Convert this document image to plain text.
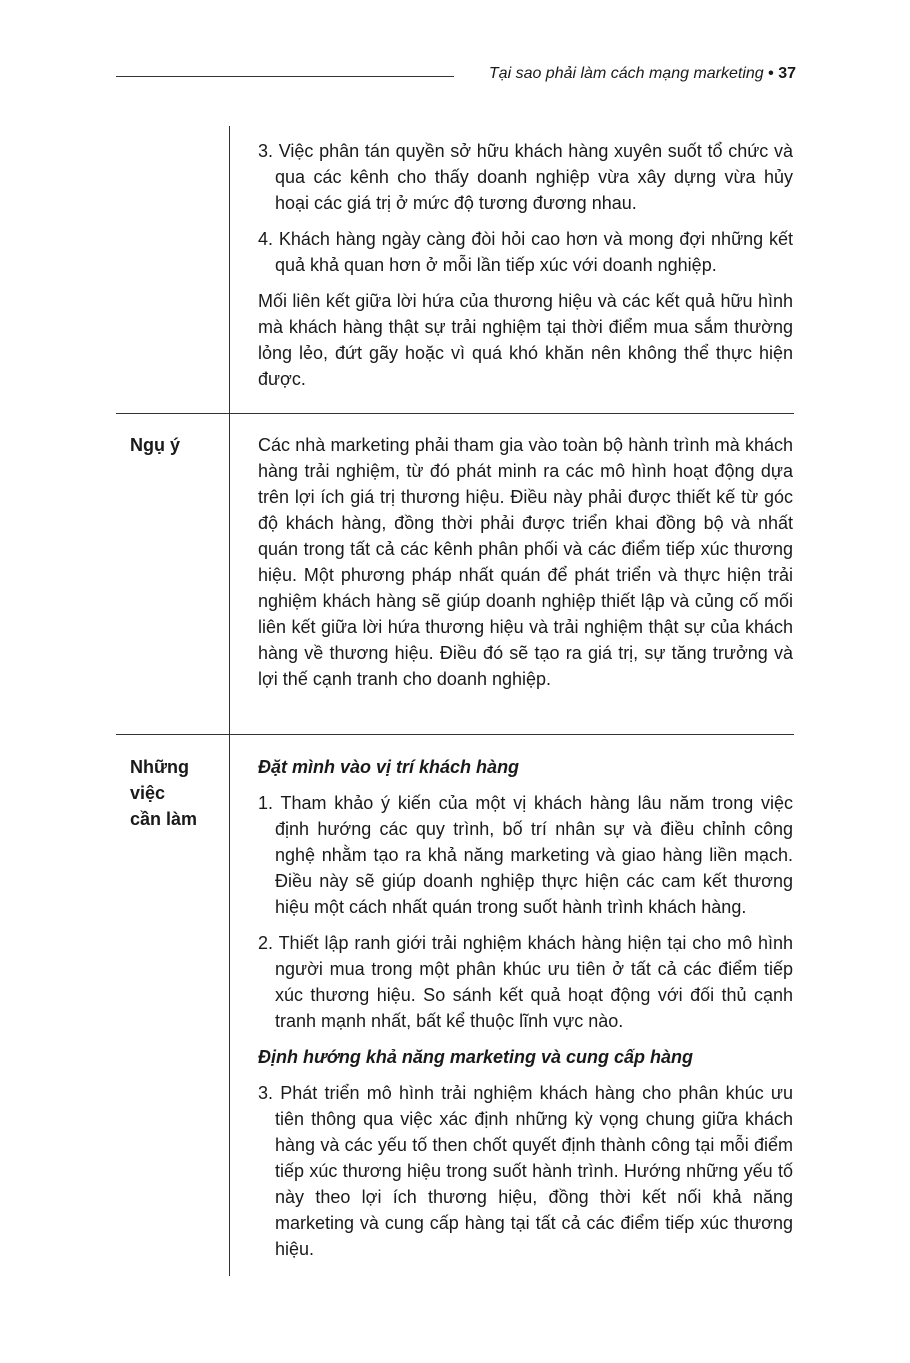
Tại sao phải làm cách mạng marketing • 37
3. Việc phân tán quyền sở hữu khách hàng xuyên suốt tổ chức và qua các kênh cho thấy doanh nghiệp vừa xây dựng vừa hủy hoại các giá trị ở mức độ tương đương nhau.
4. Khách hàng ngày càng đòi hỏi cao hơn và mong đợi những kết quả khả quan hơn ở mỗi lần tiếp xúc với doanh nghiệp.
Mối liên kết giữa lời hứa của thương hiệu và các kết quả hữu hình mà khách hàng thật sự trải nghiệm tại thời điểm mua sắm thường lỏng lẻo, đứt gãy hoặc vì quá khó khăn nên không thể thực hiện được.
Ngụ ý	Các nhà marketing phải tham gia vào toàn bộ hành trình mà khách hàng trải nghiệm, từ đó phát minh ra các mô hình hoạt động dựa trên lợi ích giá trị thương hiệu. Điều này phải được thiết kế từ góc độ khách hàng, đồng thời phải được triển khai đồng bộ và nhất quán trong tất cả các kênh phân phối và các điểm tiếp xúc thương hiệu. Một phương pháp nhất quán để phát triển và thực hiện trải nghiệm khách hàng sẽ giúp doanh nghiệp thiết lập và củng cố mối liên kết giữa lời hứa thương hiệu và trải nghiệm thật sự của khách hàng về thương hiệu. Điều đó sẽ tạo ra giá trị, sự tăng trưởng và lợi thế cạnh tranh cho doanh nghiệp.
Những việc
cần làm
Đặt mình vào vị trí khách hàng
1. Tham khảo ý kiến của một vị khách hàng lâu năm trong việc định hướng các quy trình, bố trí nhân sự và điều chỉnh công nghệ nhằm tạo ra khả năng marketing và giao hàng liền mạch. Điều này sẽ giúp doanh nghiệp thực hiện các cam kết thương hiệu một cách nhất quán trong suốt hành trình khách hàng.
2. Thiết lập ranh giới trải nghiệm khách hàng hiện tại cho mô hình người mua trong một phân khúc ưu tiên ở tất cả các điểm tiếp xúc thương hiệu. So sánh kết quả hoạt động với đối thủ cạnh tranh mạnh nhất, bất kể thuộc lĩnh vực nào.
Định hướng khả năng marketing và cung cấp hàng
3. Phát triển mô hình trải nghiệm khách hàng cho phân khúc ưu tiên thông qua việc xác định những kỳ vọng chung giữa khách hàng và các yếu tố then chốt quyết định thành công tại mỗi điểm tiếp xúc thương hiệu trong suốt hành trình. Hướng những yếu tố này theo lợi ích thương hiệu, đồng thời kết nối khả năng marketing và cung cấp hàng tại tất cả các điểm tiếp xúc thương hiệu.
